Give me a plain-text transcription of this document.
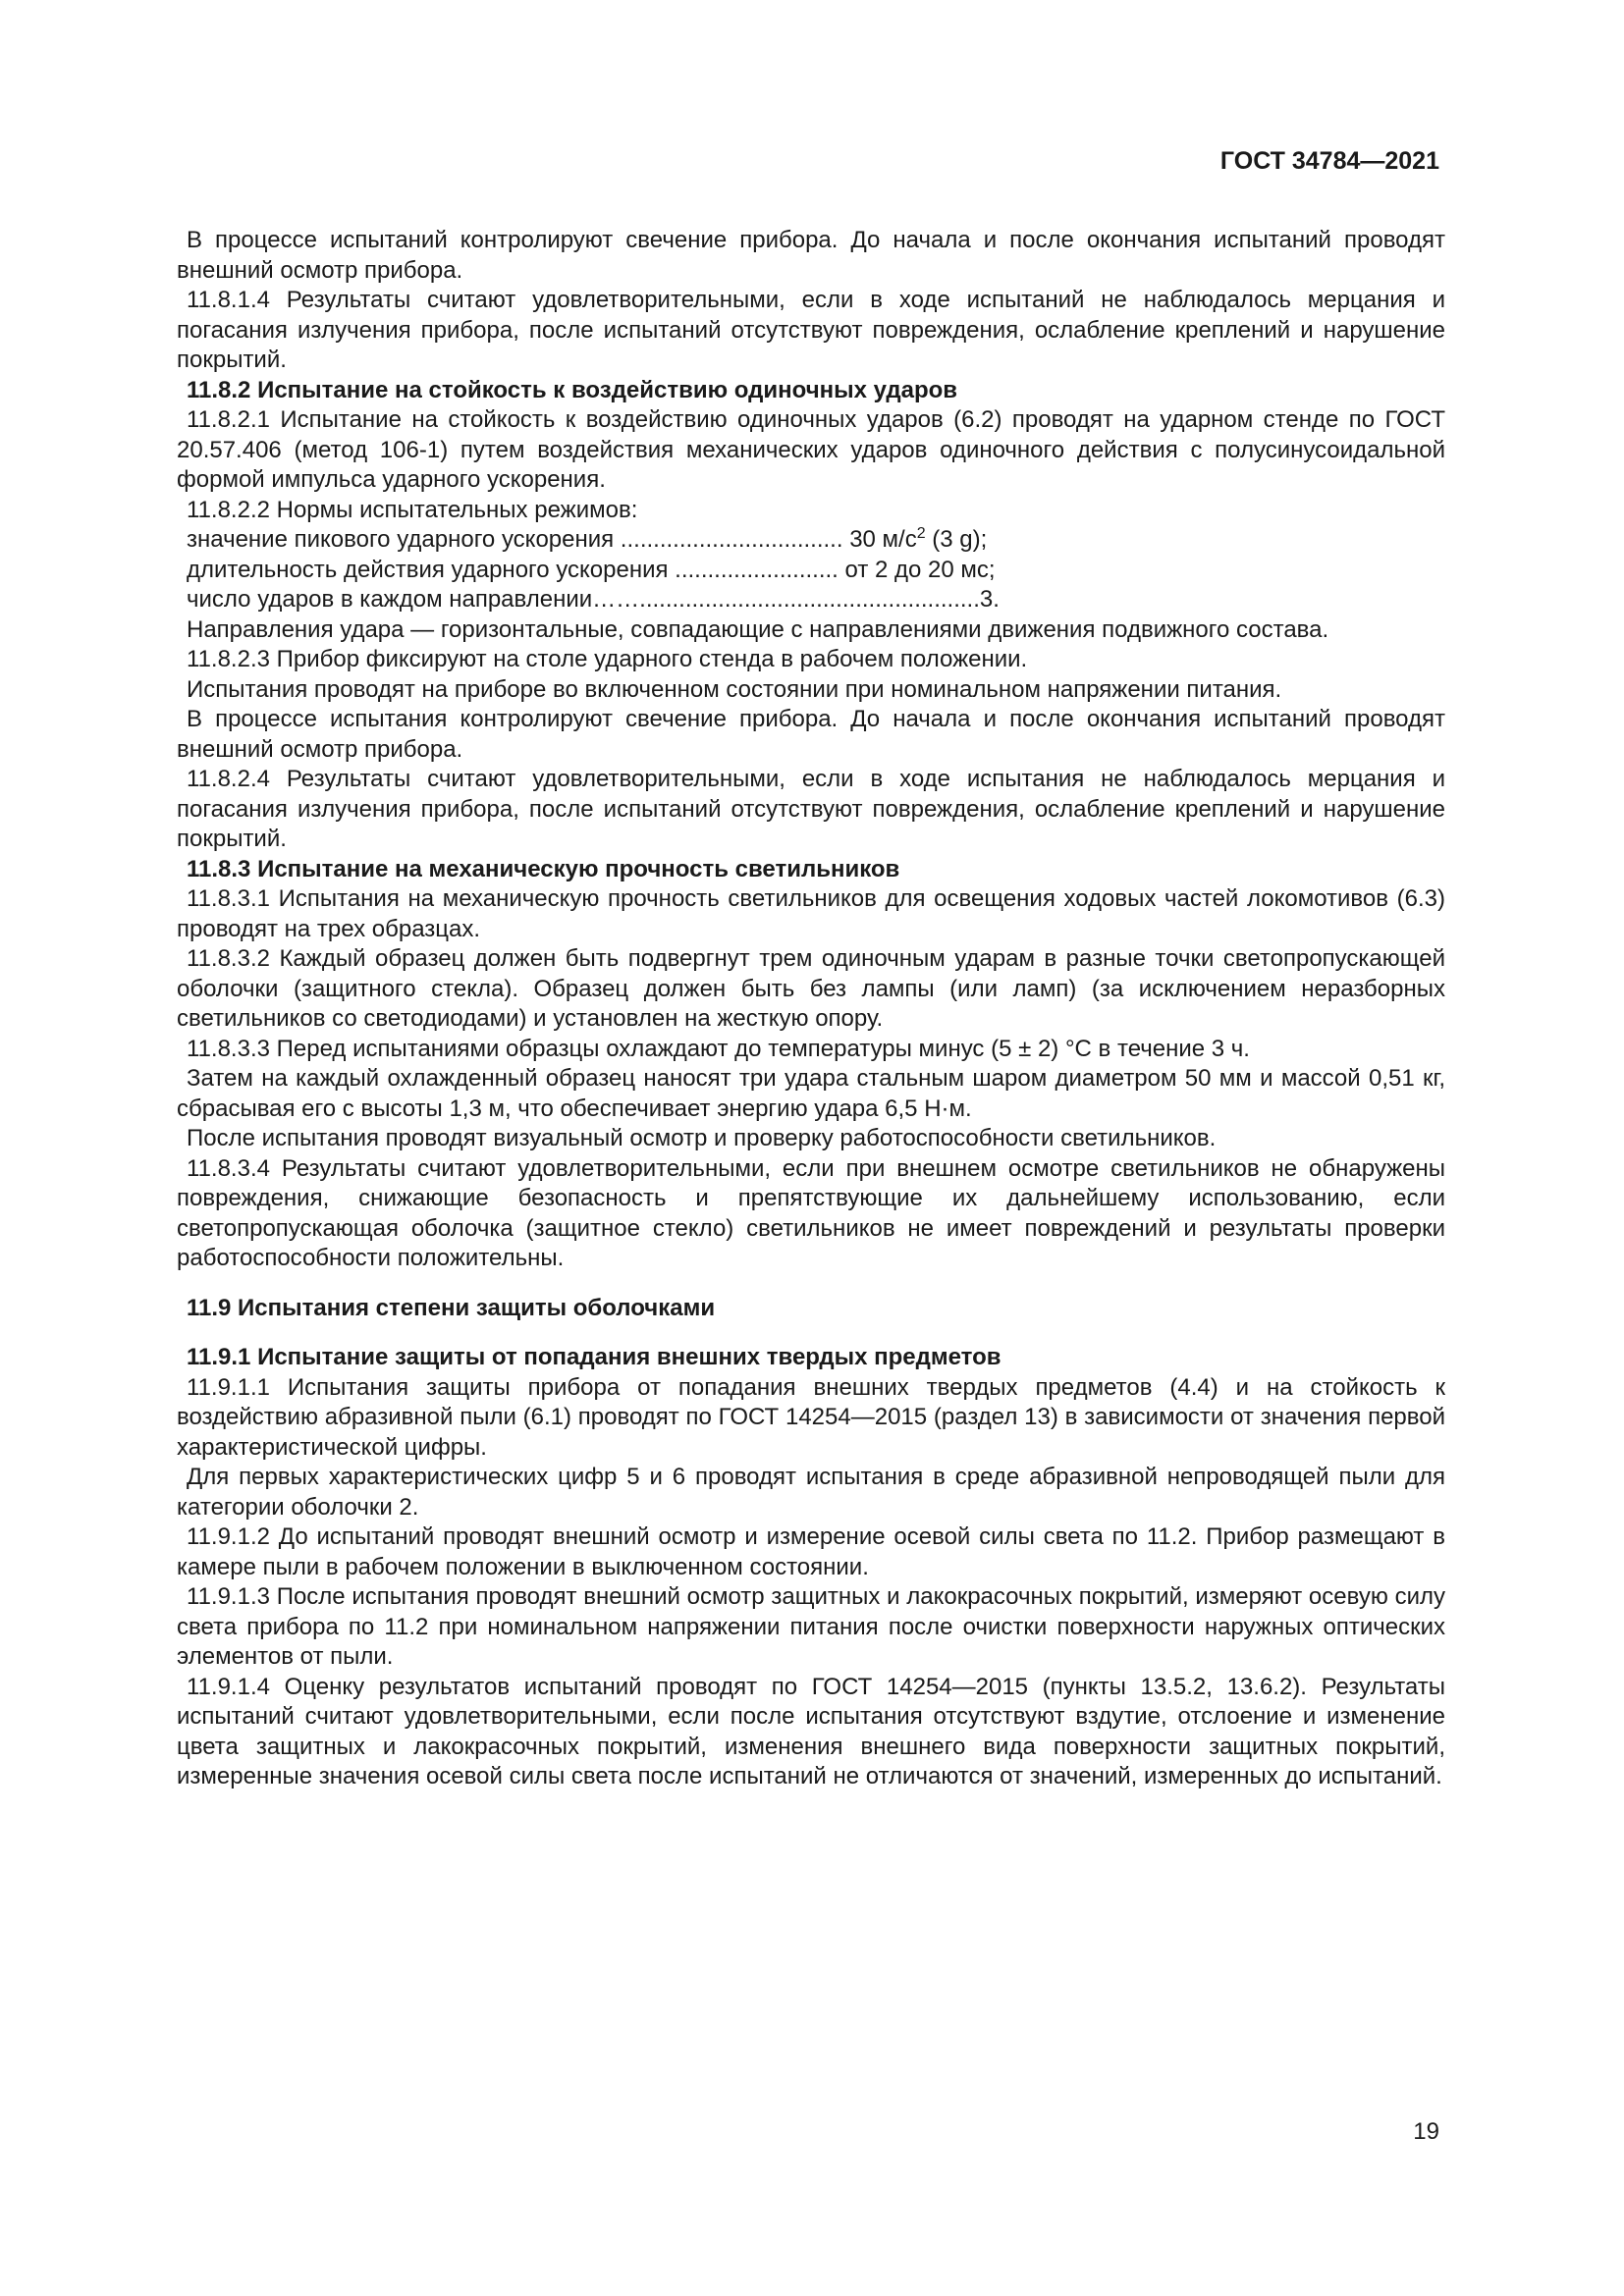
ГОСТ 34784—2021

В процессе испытаний контролируют свечение прибора. До начала и после окончания испытаний проводят внешний осмотр прибора.

11.8.1.4 Результаты считают удовлетворительными, если в ходе испытаний не наблюдалось мерцания и погасания излучения прибора, после испытаний отсутствуют повреждения, ослабление креплений и нарушение покрытий.

11.8.2 Испытание на стойкость к воздействию одиночных ударов

11.8.2.1 Испытание на стойкость к воздействию одиночных ударов (6.2) проводят на ударном стенде по ГОСТ 20.57.406 (метод 106-1) путем воздействия механических ударов одиночного действия с полусинусоидальной формой импульса ударного ускорения.

11.8.2.2 Нормы испытательных режимов:

значение пикового ударного ускорения .................................. 30 $м/с^2$ (3 g);

длительность действия ударного ускорения ......................... от 2 до 20 мс;

число ударов в каждом направлении……....................................................3.

Направления удара — горизонтальные, совпадающие с направлениями движения подвижного состава.

11.8.2.3 Прибор фиксируют на столе ударного стенда в рабочем положении.

Испытания проводят на приборе во включенном состоянии при номинальном напряжении питания.

В процессе испытания контролируют свечение прибора. До начала и после окончания испытаний проводят внешний осмотр прибора.

11.8.2.4 Результаты считают удовлетворительными, если в ходе испытания не наблюдалось мерцания и погасания излучения прибора, после испытаний отсутствуют повреждения, ослабление креплений и нарушение покрытий.

11.8.3 Испытание на механическую прочность светильников

11.8.3.1 Испытания на механическую прочность светильников для освещения ходовых частей локомотивов (6.3) проводят на трех образцах.

11.8.3.2 Каждый образец должен быть подвергнут трем одиночным ударам в разные точки светопропускающей оболочки (защитного стекла). Образец должен быть без лампы (или ламп) (за исключением неразборных светильников со светодиодами) и установлен на жесткую опору.

11.8.3.3 Перед испытаниями образцы охлаждают до температуры минус (5 ± 2) °С в течение 3 ч.

Затем на каждый охлажденный образец наносят три удара стальным шаром диаметром 50 мм и массой 0,51 кг, сбрасывая его с высоты 1,3 м, что обеспечивает энергию удара 6,5 Н·м.

После испытания проводят визуальный осмотр и проверку работоспособности светильников.

11.8.3.4 Результаты считают удовлетворительными, если при внешнем осмотре светильников не обнаружены повреждения, снижающие безопасность и препятствующие их дальнейшему использованию, если светопропускающая оболочка (защитное стекло) светильников не имеет повреждений и результаты проверки работоспособности положительны.

11.9 Испытания степени защиты оболочками

11.9.1 Испытание защиты от попадания внешних твердых предметов

11.9.1.1 Испытания защиты прибора от попадания внешних твердых предметов (4.4) и на стойкость к воздействию абразивной пыли (6.1) проводят по ГОСТ 14254—2015 (раздел 13) в зависимости от значения первой характеристической цифры.

Для первых характеристических цифр 5 и 6 проводят испытания в среде абразивной непроводящей пыли для категории оболочки 2.

11.9.1.2 До испытаний проводят внешний осмотр и измерение осевой силы света по 11.2. Прибор размещают в камере пыли в рабочем положении в выключенном состоянии.

11.9.1.3 После испытания проводят внешний осмотр защитных и лакокрасочных покрытий, измеряют осевую силу света прибора по 11.2 при номинальном напряжении питания после очистки поверхности наружных оптических элементов от пыли.

11.9.1.4 Оценку результатов испытаний проводят по ГОСТ 14254—2015 (пункты 13.5.2, 13.6.2). Результаты испытаний считают удовлетворительными, если после испытания отсутствуют вздутие, отслоение и изменение цвета защитных и лакокрасочных покрытий, изменения внешнего вида поверхности защитных покрытий, измеренные значения осевой силы света после испытаний не отличаются от значений, измеренных до испытаний.

19
